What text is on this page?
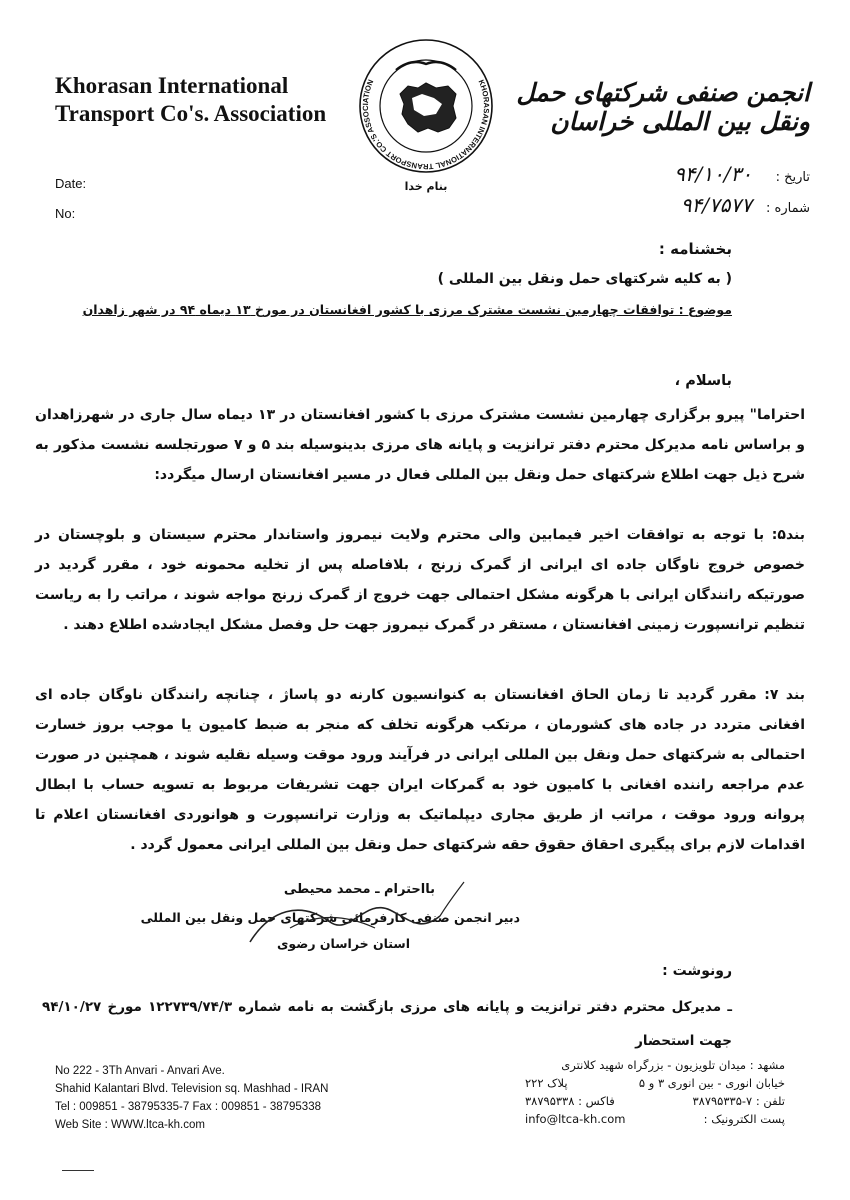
Khorasan International
Transport Co's. Association
KHORASAN INTERNATIONAL TRANSPORT CO.'S ASSOCIATION
بنام خدا
انجمن صنفی شرکتهای حمل ونقل بین المللی خراسان
Date:
No:
تاریخ :
۹۴/۱۰/۳۰
شماره :
۹۴/۷۵۷۷
بخشنامه :
( به کلیه شرکتهای حمل ونقل بین المللی )
موضوع : توافقات چهارمین نشست مشترک مرزی با کشور افغانستان در مورخ ۱۳ دیماه ۹۴ در شهر زاهدان
باسلام ،
احتراما" پیرو برگزاری چهارمین نشست مشترک مرزی با کشور افغانستان در ۱۳ دیماه سال جاری در شهرزاهدان و براساس نامه مدیرکل محترم دفتر ترانزیت و پایانه های مرزی بدینوسیله بند ۵ و ۷ صورتجلسه نشست مذکور به شرح ذیل جهت اطلاع شرکتهای حمل ونقل بین المللی فعال در مسیر افغانستان ارسال میگردد:
بند۵: با توجه به توافقات اخیر فیمابین والی محترم ولایت نیمروز واستاندار محترم سیستان و بلوچستان در خصوص خروج ناوگان جاده ای ایرانی از گمرک زرنج ، بلافاصله پس از تخلیه محمونه خود ، مقرر گردید در صورتیکه رانندگان ایرانی با هرگونه مشکل احتمالی جهت خروج از گمرک زرنج مواجه شوند ، مراتب را به ریاست تنظیم ترانسپورت زمینی افغانستان ، مستقر در گمرک نیمروز جهت حل وفصل مشکل ایجادشده اطلاع دهند .
بند ۷: مقرر گردید تا زمان الحاق افغانستان به کنوانسیون کارنه دو پاساژ ، چنانچه رانندگان ناوگان جاده ای افغانی متردد در جاده های کشورمان ، مرتکب هرگونه تخلف که منجر به ضبط کامیون یا موجب بروز خسارت احتمالی به شرکتهای حمل ونقل بین المللی ایرانی در فرآیند ورود موقت وسیله نقلیه شوند ، همچنین در صورت عدم مراجعه راننده افغانی با کامیون خود به گمرکات ایران جهت تشریفات مربوط به تسویه حساب با ابطال پروانه ورود موقت ، مراتب از طریق مجاری دیپلماتیک به وزارت ترانسپورت و هوانوردی افغانستان اعلام تا اقدامات لازم برای پیگیری احقاق حقوق حقه شرکتهای حمل ونقل بین المللی ایرانی معمول گردد .
بااحترام ـ محمد محیطی
دبیر انجمن صنفی کارفرمائی شرکتهای حمل ونقل بین المللی
استان خراسان رضوی
رونوشت :
ـ مدیرکل محترم دفتر ترانزیت و پایانه های مرزی بازگشت به نامه شماره ۱۲۲۷۳۹/۷۴/۳ مورخ ۹۴/۱۰/۲۷ جهت استحضار
No 222 - 3Th Anvari - Anvari Ave.
Shahid Kalantari Blvd. Television sq. Mashhad - IRAN
Tel : 009851 - 38795335-7 Fax : 009851 - 38795338
Web Site : WWW.ltca-kh.com
مشهد : میدان تلویزیون - بزرگراه شهید کلانتری
خیابان انوری - بین انوری ۳ و ۵
پلاک ۲۲۲
تلفن : ۷-۳۸۷۹۵۳۳۵
فاکس : ۳۸۷۹۵۳۳۸
پست الکترونیک :
info@ltca-kh.com
